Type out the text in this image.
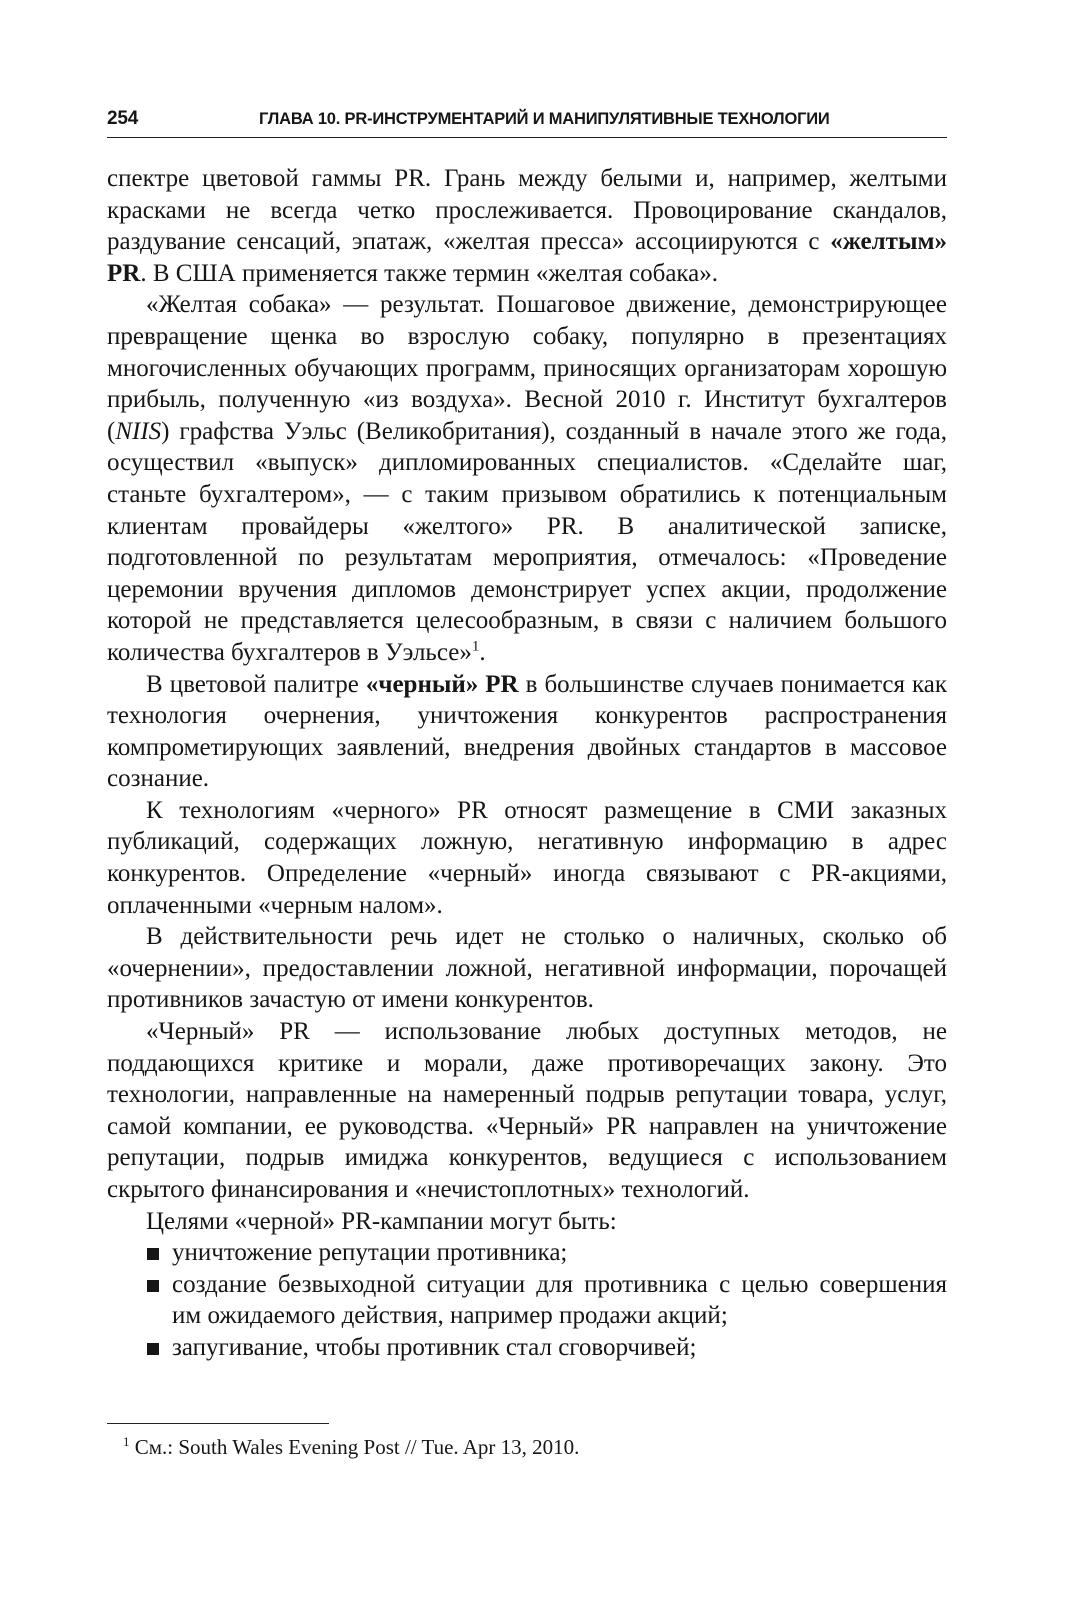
254	ГЛАВА 10. PR-ИНСТРУМЕНТАРИЙ И МАНИПУЛЯТИВНЫЕ ТЕХНОЛОГИИ

спектре цветовой гаммы PR. Грань между белыми и, например, желтыми красками не всегда четко прослеживается. Провоцирование скандалов, раздувание сенсаций, эпатаж, «желтая пресса» ассоциируются с «желтым» PR. В США применяется также термин «желтая собака».

«Желтая собака» — результат. Пошаговое движение, демонстрирующее превращение щенка во взрослую собаку, популярно в презентациях многочисленных обучающих программ, приносящих организаторам хорошую прибыль, полученную «из воздуха». Весной 2010 г. Институт бухгалтеров (NIIS) графства Уэльс (Великобритания), созданный в начале этого же года, осуществил «выпуск» дипломированных специалистов. «Сделайте шаг, станьте бухгалтером», — с таким призывом обратились к потенциальным клиентам провайдеры «желтого» PR. В аналитической записке, подготовленной по результатам мероприятия, отмечалось: «Проведение церемонии вручения дипломов демонстрирует успех акции, продолжение которой не представляется целесообразным, в связи с наличием большого количества бухгалтеров в Уэльсе»$^1$.

В цветовой палитре «черный» PR в большинстве случаев понимается как технология очернения, уничтожения конкурентов распространения компрометирующих заявлений, внедрения двойных стандартов в массовое сознание.

К технологиям «черного» PR относят размещение в СМИ заказных публикаций, содержащих ложную, негативную информацию в адрес конкурентов. Определение «черный» иногда связывают с PR-акциями, оплаченными «черным налом».

В действительности речь идет не столько о наличных, сколько об «очернении», предоставлении ложной, негативной информации, порочащей противников зачастую от имени конкурентов.

«Черный» PR — использование любых доступных методов, не поддающихся критике и морали, даже противоречащих закону. Это технологии, направленные на намеренный подрыв репутации товара, услуг, самой компании, ее руководства. «Черный» PR направлен на уничтожение репутации, подрыв имиджа конкурентов, ведущиеся с использованием скрытого финансирования и «нечистоплотных» технологий.

Целями «черной» PR-кампании могут быть:

уничтожение репутации противника;
создание безвыходной ситуации для противника с целью совершения им ожидаемого действия, например продажи акций;
запугивание, чтобы противник стал сговорчивей;
$^1$ См.: South Wales Evening Post // Tue. Apr 13, 2010.
